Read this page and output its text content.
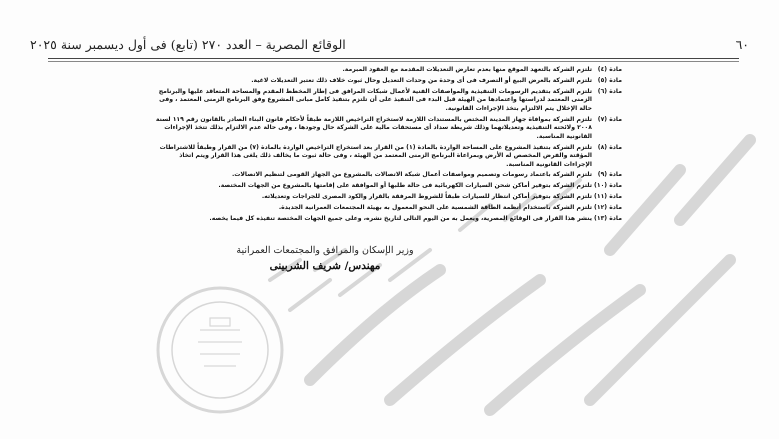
٦٠
الوقائع المصرية – العدد ٢٧٠ (تابع) فى أول ديسمبر سنة ٢٠٢٥
مادة (٤)
تلتزم الشركة بالتعهد الموقع منها بعدم تعارض التعديلات المقدمة مع العقود المبرمة.
مادة (٥)
تلتزم الشركة بالعرض البيع أو التصرف فى أى وحدة من وحدات التعديل وحال ثبوت خلاف ذلك تعتبر التعديلات لاغية.
مادة (٦)
تلتزم الشركة بتقديم الرسومات التنفيذية والمواصفات الفنية لأعمال شبكات المرافق فى إطار المخطط المقدم والمساحة المتعاقد عليها والبرنامج الزمنى المعتمد لدراستها واعتمادها من الهيئة قبل البدء فى التنفيذ على أن تلتزم بتنفيذ كامل مبانى المشروع وفق البرنامج الزمنى المعتمد ، وفى حالة الإخلال يتم الالتزام بتخذ الإجراءات القانونية.
مادة (٧)
تلتزم الشركة بموافاة جهاز المدينة المختص بالمستندات اللازمة لاستخراج التراخيص اللازمة طبقاً لأحكام قانون البناء الصادر بالقانون رقم ١١٩ لسنة ٢٠٠٨ ولائحته التنفيذية وتعديلاتهما وذلك شريطة سداد أى مستحقات مالية على الشركة حال وجودها ، وفى حالة عدم الالتزام بذلك تتخذ الإجراءات القانونية المناسبة.
مادة (٨)
تلتزم الشركة بتنفيذ المشروع على المساحة الواردة بالمادة (١) من القرار بعد استخراج التراخيص الواردة بالمادة (٧) من القرار وطبقاً للاشتراطات المؤقتة والفرض المخصص له الأرض وبمراعاة البرنامج الزمنى المعتمد من الهيئة ، وفى حالة ثبوت ما يخالف ذلك يلغى هذا القرار ويتم اتخاذ الإجراءات القانونية المناسبة.
مادة (٩)
تلتزم الشركة باعتماد رسومات وتصميم ومواصفات أعمال شبكة الاتصالات بالمشروع من الجهاز القومى لتنظيم الاتصالات.
مادة (١٠)
تلتزم الشركة بتوفير أماكن شحن السيارات الكهربائية فى حالة طلبها أو الموافقة على إقامتها بالمشروع من الجهات المختصة.
مادة (١١)
تلتزم الشركة بتوفير أماكن انتظار للسيارات طبقاً للشروط المرفقة بالقرار والكود المصرى للجراجات وتعديلاته.
مادة (١٢)
تلتزم الشركة باستخدام أنظمة الطاقة الشمسية على النحو المعمول به بهيئة المجتمعات العمرانية الجديدة.
مادة (١٣)
ينشر هذا القرار فى الوقائع المصرية، ويعمل به من اليوم التالى لتاريخ نشره، وعلى جميع الجهات المختصة تنفيذه كل فيما يخصه.
وزير الإسكان والمرافق والمجتمعات العمرانية
مهندس/ شريف الشربينى
